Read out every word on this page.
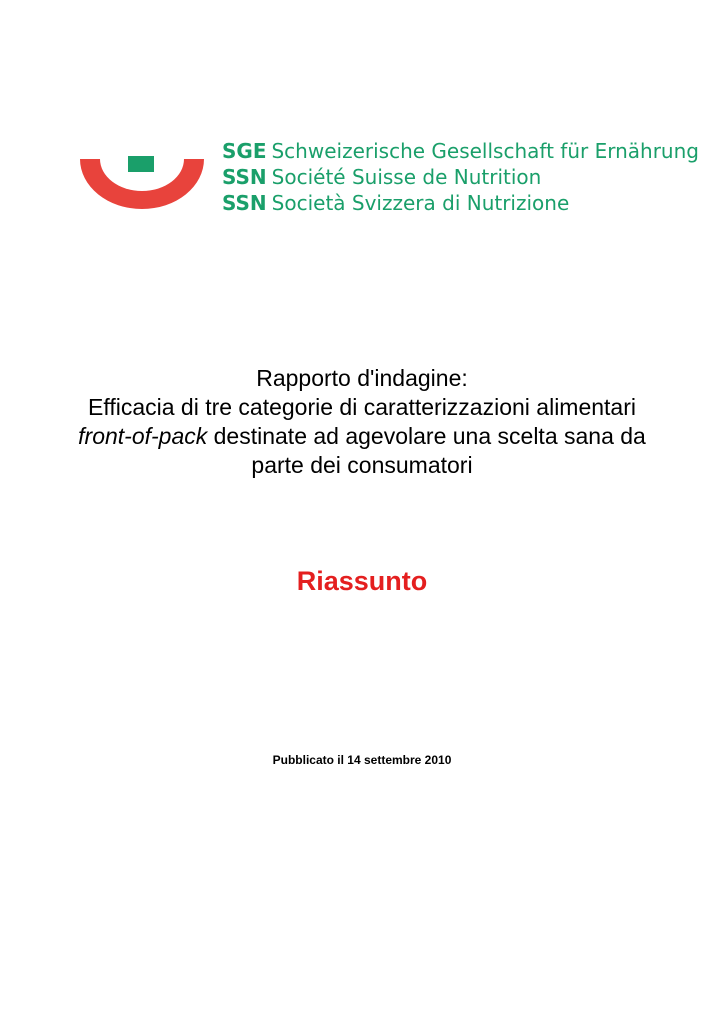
SGE Schweizerische Gesellschaft für Ernährung
SSN Société Suisse de Nutrition
SSN Società Svizzera di Nutrizione
Rapporto d'indagine:
Efficacia di tre categorie di caratterizzazioni alimentari
front-of-pack destinate ad agevolare una scelta sana da
parte dei consumatori
Riassunto
Pubblicato il 14 settembre 2010
